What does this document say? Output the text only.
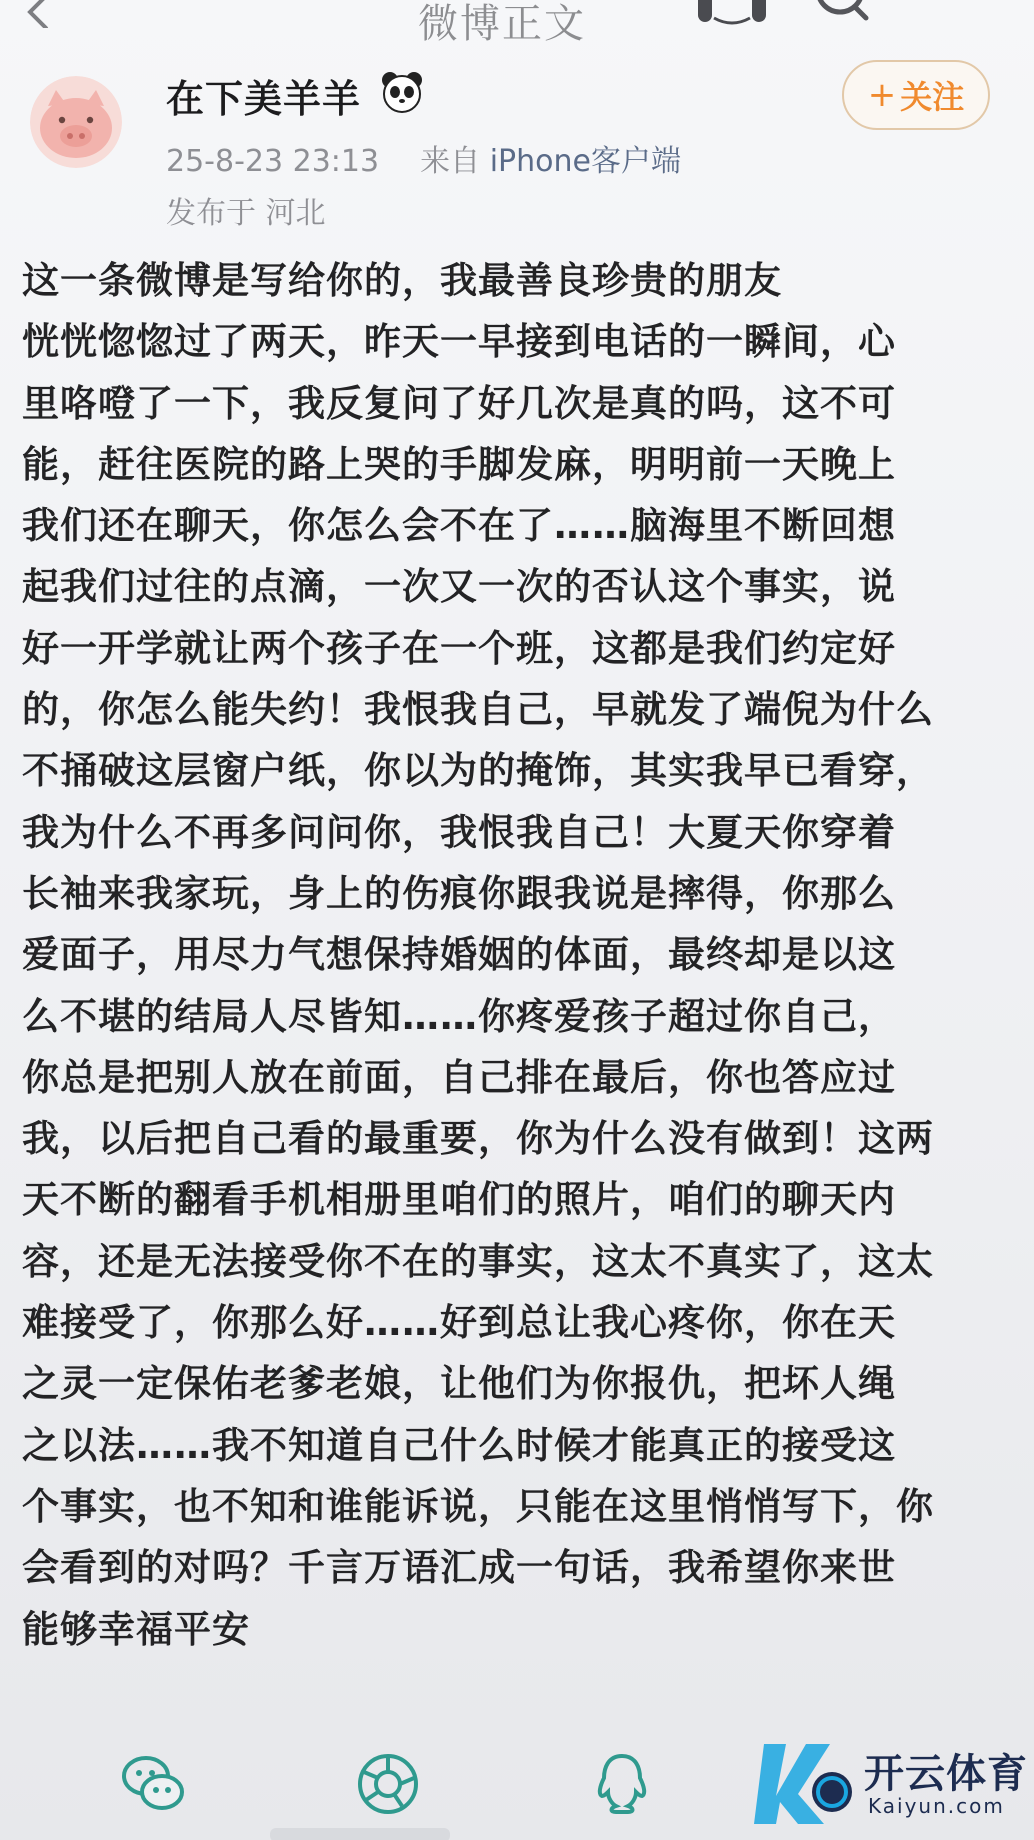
微博正文
在下美羊羊	+ 关注
25-8-23 23:13 来自 iPhone客户端
发布于 河北
这一条微博是写给你的，我最善良珍贵的朋友
恍恍惚惚过了两天，昨天一早接到电话的一瞬间，心
里咯噔了一下，我反复问了好几次是真的吗，这不可
能，赶往医院的路上哭的手脚发麻，明明前一天晚上
我们还在聊天，你怎么会不在了……脑海里不断回想
起我们过往的点滴，一次又一次的否认这个事实，说
好一开学就让两个孩子在一个班，这都是我们约定好
的，你怎么能失约！我恨我自己，早就发了端倪为什么
不捅破这层窗户纸，你以为的掩饰，其实我早已看穿，
我为什么不再多问问你，我恨我自己！大夏天你穿着
长袖来我家玩，身上的伤痕你跟我说是摔得，你那么
爱面子，用尽力气想保持婚姻的体面，最终却是以这
么不堪的结局人尽皆知……你疼爱孩子超过你自己，
你总是把别人放在前面，自己排在最后，你也答应过
我，以后把自己看的最重要，你为什么没有做到！这两
天不断的翻看手机相册里咱们的照片，咱们的聊天内
容，还是无法接受你不在的事实，这太不真实了，这太
难接受了，你那么好……好到总让我心疼你，你在天
之灵一定保佑老爹老娘，让他们为你报仇，把坏人绳
之以法……我不知道自己什么时候才能真正的接受这
个事实，也不知和谁能诉说，只能在这里悄悄写下，你
会看到的对吗？千言万语汇成一句话，我希望你来世
能够幸福平安
开云体育
Kaiyun.com
